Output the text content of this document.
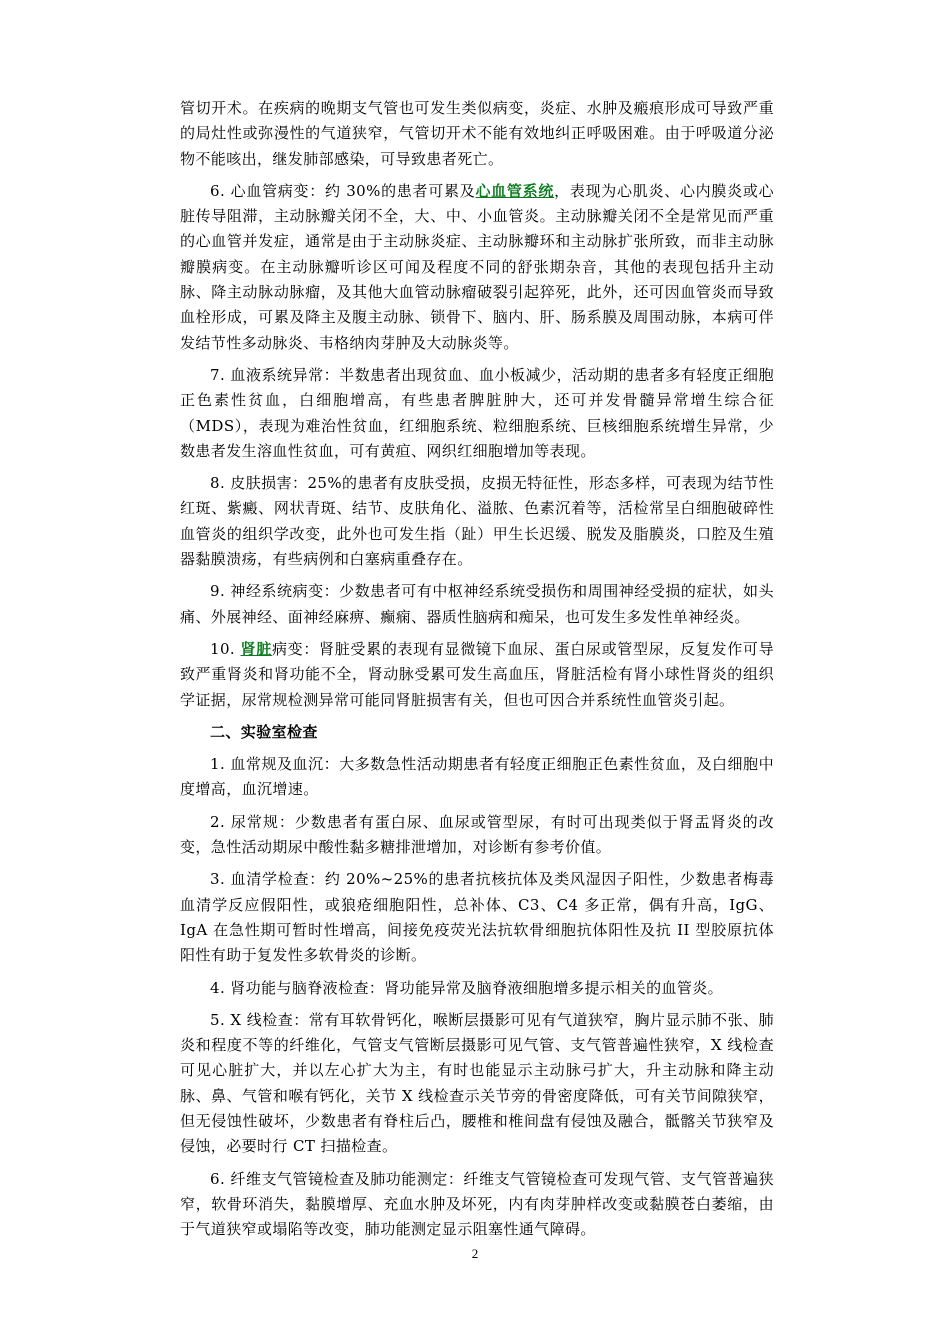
管切开术。在疾病的晚期支气管也可发生类似病变，炎症、水肿及瘢痕形成可导致严重的局灶性或弥漫性的气道狭窄，气管切开术不能有效地纠正呼吸困难。由于呼吸道分泌物不能咳出，继发肺部感染，可导致患者死亡。

6. 心血管病变：约 30%的患者可累及心血管系统，表现为心肌炎、心内膜炎或心脏传导阻滞，主动脉瓣关闭不全，大、中、小血管炎。主动脉瓣关闭不全是常见而严重的心血管并发症，通常是由于主动脉炎症、主动脉瓣环和主动脉扩张所致，而非主动脉瓣膜病变。在主动脉瓣听诊区可闻及程度不同的舒张期杂音，其他的表现包括升主动脉、降主动脉动脉瘤，及其他大血管动脉瘤破裂引起猝死，此外，还可因血管炎而导致血栓形成，可累及降主及腹主动脉、锁骨下、脑内、肝、肠系膜及周围动脉，本病可伴发结节性多动脉炎、韦格纳肉芽肿及大动脉炎等。

7. 血液系统异常：半数患者出现贫血、血小板减少，活动期的患者多有轻度正细胞正色素性贫血，白细胞增高，有些患者脾脏肿大，还可并发骨髓异常增生综合征（MDS），表现为难治性贫血，红细胞系统、粒细胞系统、巨核细胞系统增生异常，少数患者发生溶血性贫血，可有黄疸、网织红细胞增加等表现。

8. 皮肤损害：25%的患者有皮肤受损，皮损无特征性，形态多样，可表现为结节性红斑、紫癜、网状青斑、结节、皮肤角化、溢脓、色素沉着等，活检常呈白细胞破碎性血管炎的组织学改变，此外也可发生指（趾）甲生长迟缓、脱发及脂膜炎，口腔及生殖器黏膜溃疡，有些病例和白塞病重叠存在。

9. 神经系统病变：少数患者可有中枢神经系统受损伤和周围神经受损的症状，如头痛、外展神经、面神经麻痹、癫痫、器质性脑病和痴呆，也可发生多发性单神经炎。

10. 肾脏病变：肾脏受累的表现有显微镜下血尿、蛋白尿或管型尿，反复发作可导致严重肾炎和肾功能不全，肾动脉受累可发生高血压，肾脏活检有肾小球性肾炎的组织学证据，尿常规检测异常可能同肾脏损害有关，但也可因合并系统性血管炎引起。

二、实验室检查

1. 血常规及血沉：大多数急性活动期患者有轻度正细胞正色素性贫血，及白细胞中度增高，血沉增速。

2. 尿常规：少数患者有蛋白尿、血尿或管型尿，有时可出现类似于肾盂肾炎的改变，急性活动期尿中酸性黏多糖排泄增加，对诊断有参考价值。

3. 血清学检查：约 20%~25%的患者抗核抗体及类风湿因子阳性，少数患者梅毒血清学反应假阳性，或狼疮细胞阳性，总补体、C3、C4 多正常，偶有升高，IgG、IgA 在急性期可暂时性增高，间接免疫荧光法抗软骨细胞抗体阳性及抗 II 型胶原抗体阳性有助于复发性多软骨炎的诊断。

4. 肾功能与脑脊液检查：肾功能异常及脑脊液细胞增多提示相关的血管炎。

5. X 线检查：常有耳软骨钙化，喉断层摄影可见有气道狭窄，胸片显示肺不张、肺炎和程度不等的纤维化，气管支气管断层摄影可见气管、支气管普遍性狭窄，X 线检查可见心脏扩大，并以左心扩大为主，有时也能显示主动脉弓扩大，升主动脉和降主动脉、鼻、气管和喉有钙化，关节 X 线检查示关节旁的骨密度降低，可有关节间隙狭窄，但无侵蚀性破坏，少数患者有脊柱后凸，腰椎和椎间盘有侵蚀及融合，骶髂关节狭窄及侵蚀，必要时行 CT 扫描检查。

6. 纤维支气管镜检查及肺功能测定：纤维支气管镜检查可发现气管、支气管普遍狭窄，软骨环消失，黏膜增厚、充血水肿及坏死，内有肉芽肿样改变或黏膜苍白萎缩，由于气道狭窄或塌陷等改变，肺功能测定显示阻塞性通气障碍。

2
